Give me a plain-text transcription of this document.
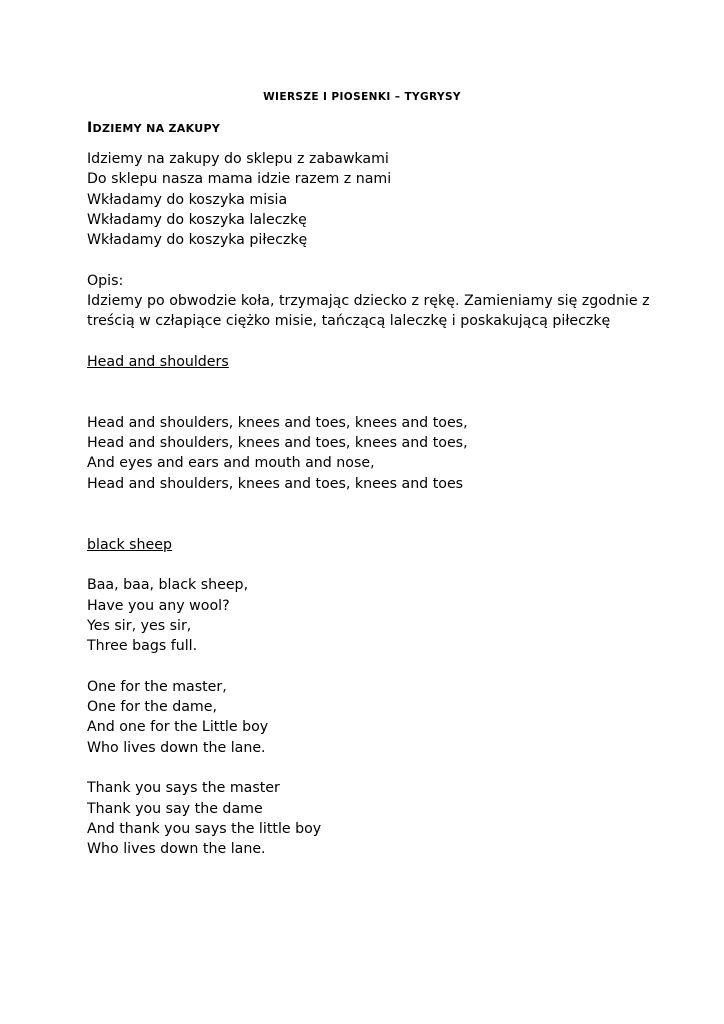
WIERSZE I PIOSENKI – TYGRYSY
IDZIEMY NA ZAKUPY
Idziemy na zakupy do sklepu z zabawkami
Do sklepu nasza mama idzie razem z nami
Wkładamy do koszyka misia
Wkładamy do koszyka laleczkę
Wkładamy do koszyka piłeczkę
Opis:
Idziemy po obwodzie koła, trzymając dziecko z rękę. Zamieniamy się zgodnie z
treścią w człapiące ciężko misie, tańczącą laleczkę i poskakującą piłeczkę
Head and shoulders
Head and shoulders, knees and toes, knees and toes,
Head and shoulders, knees and toes, knees and toes,
And eyes and ears and mouth and nose,
Head and shoulders, knees and toes, knees and toes
black sheep
Baa, baa, black sheep,
Have you any wool?
Yes sir, yes sir,
Three bags full.
One for the master,
One for the dame,
And one for the Little boy
Who lives down the lane.
Thank you says the master
Thank you say the dame
And thank you says the little boy
Who lives down the lane.
